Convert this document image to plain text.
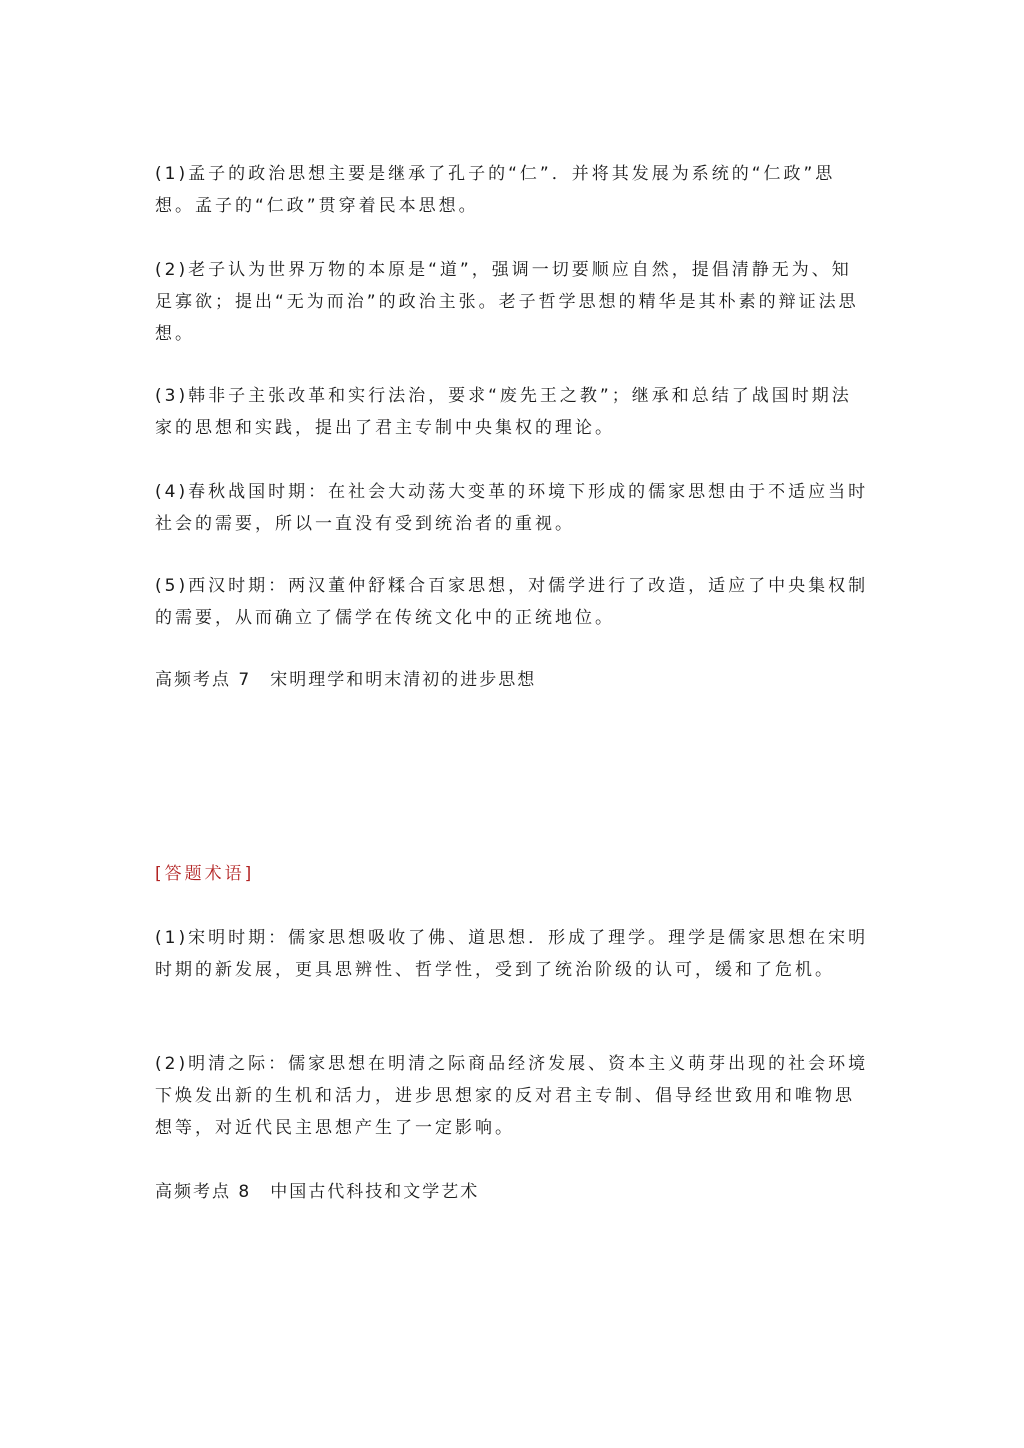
(1)孟子的政治思想主要是继承了孔子的“仁”．并将其发展为系统的“仁政”思想。孟子的“仁政”贯穿着民本思想。

(2)老子认为世界万物的本原是“道”，强调一切要顺应自然，提倡清静无为、知足寡欲；提出“无为而治”的政治主张。老子哲学思想的精华是其朴素的辩证法思想。

(3)韩非子主张改革和实行法治，要求“废先王之教”；继承和总结了战国时期法家的思想和实践，提出了君主专制中央集权的理论。

(4)春秋战国时期：在社会大动荡大变革的环境下形成的儒家思想由于不适应当时社会的需要，所以一直没有受到统治者的重视。

(5)西汉时期：两汉董仲舒糅合百家思想，对儒学进行了改造，适应了中央集权制的需要，从而确立了儒学在传统文化中的正统地位。

高频考点 7　宋明理学和明末清初的进步思想

[答题术语]

(1)宋明时期：儒家思想吸收了佛、道思想．形成了理学。理学是儒家思想在宋明时期的新发展，更具思辨性、哲学性，受到了统治阶级的认可，缓和了危机。

(2)明清之际：儒家思想在明清之际商品经济发展、资本主义萌芽出现的社会环境下焕发出新的生机和活力，进步思想家的反对君主专制、倡导经世致用和唯物思想等，对近代民主思想产生了一定影响。

高频考点 8　中国古代科技和文学艺术
